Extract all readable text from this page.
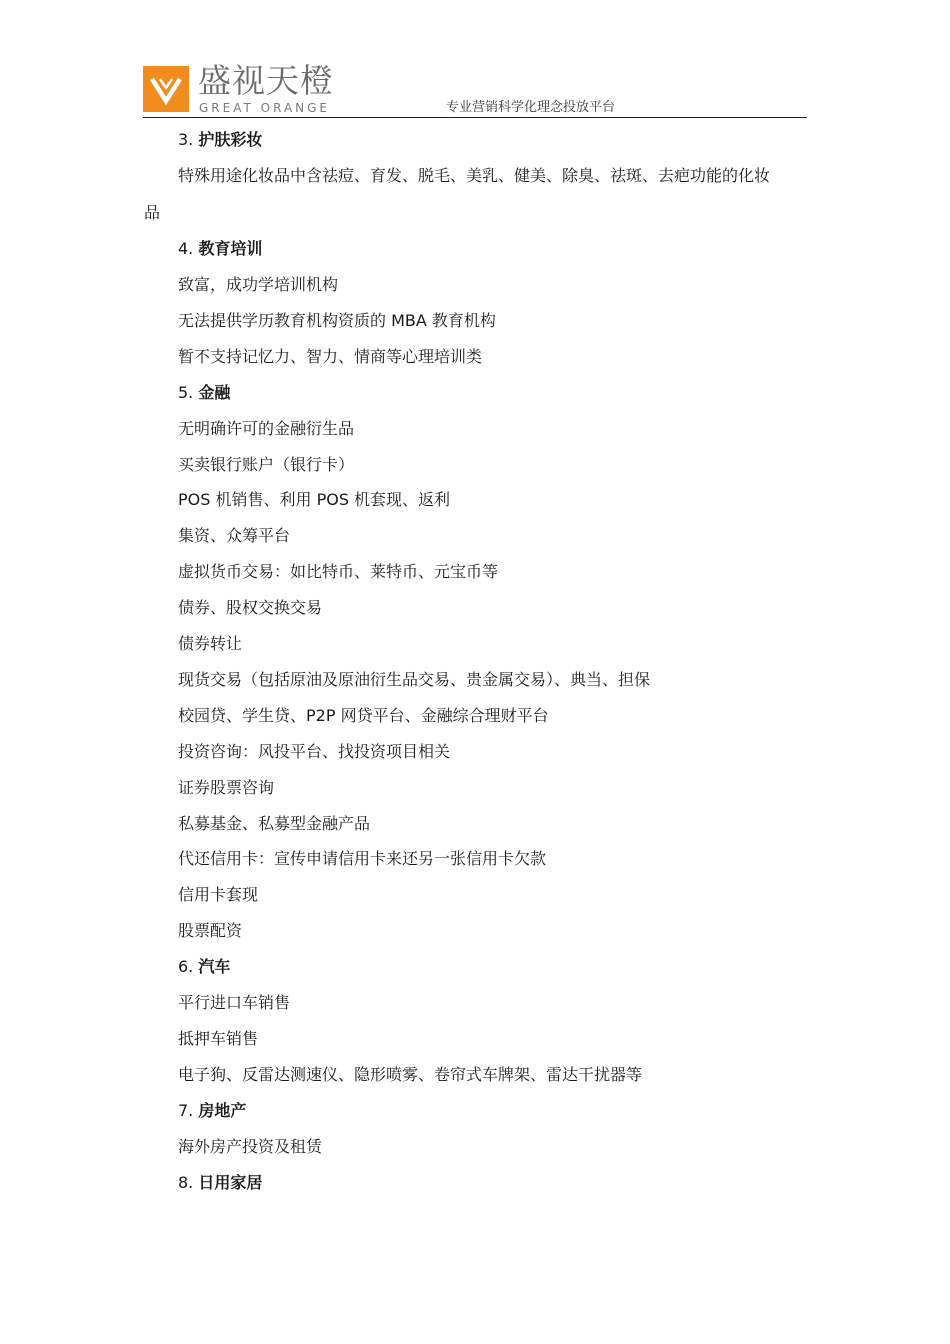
盛视天橙
GREAT ORANGE	专业营销科学化理念投放平台
3. 护肤彩妆
特殊用途化妆品中含祛痘、育发、脱毛、美乳、健美、除臭、祛斑、去疤功能的化妆
品
4. 教育培训
致富，成功学培训机构
无法提供学历教育机构资质的 MBA 教育机构
暂不支持记忆力、智力、情商等心理培训类
5. 金融
无明确许可的金融衍生品
买卖银行账户（银行卡）
POS 机销售、利用 POS 机套现、返利
集资、众筹平台
虚拟货币交易：如比特币、莱特币、元宝币等
债券、股权交换交易
债券转让
现货交易（包括原油及原油衍生品交易、贵金属交易）、典当、担保
校园贷、学生贷、P2P 网贷平台、金融综合理财平台
投资咨询：风投平台、找投资项目相关
证券股票咨询
私募基金、私募型金融产品
代还信用卡：宣传申请信用卡来还另一张信用卡欠款
信用卡套现
股票配资
6. 汽车
平行进口车销售
抵押车销售
电子狗、反雷达测速仪、隐形喷雾、卷帘式车牌架、雷达干扰器等
7. 房地产
海外房产投资及租赁
8. 日用家居
